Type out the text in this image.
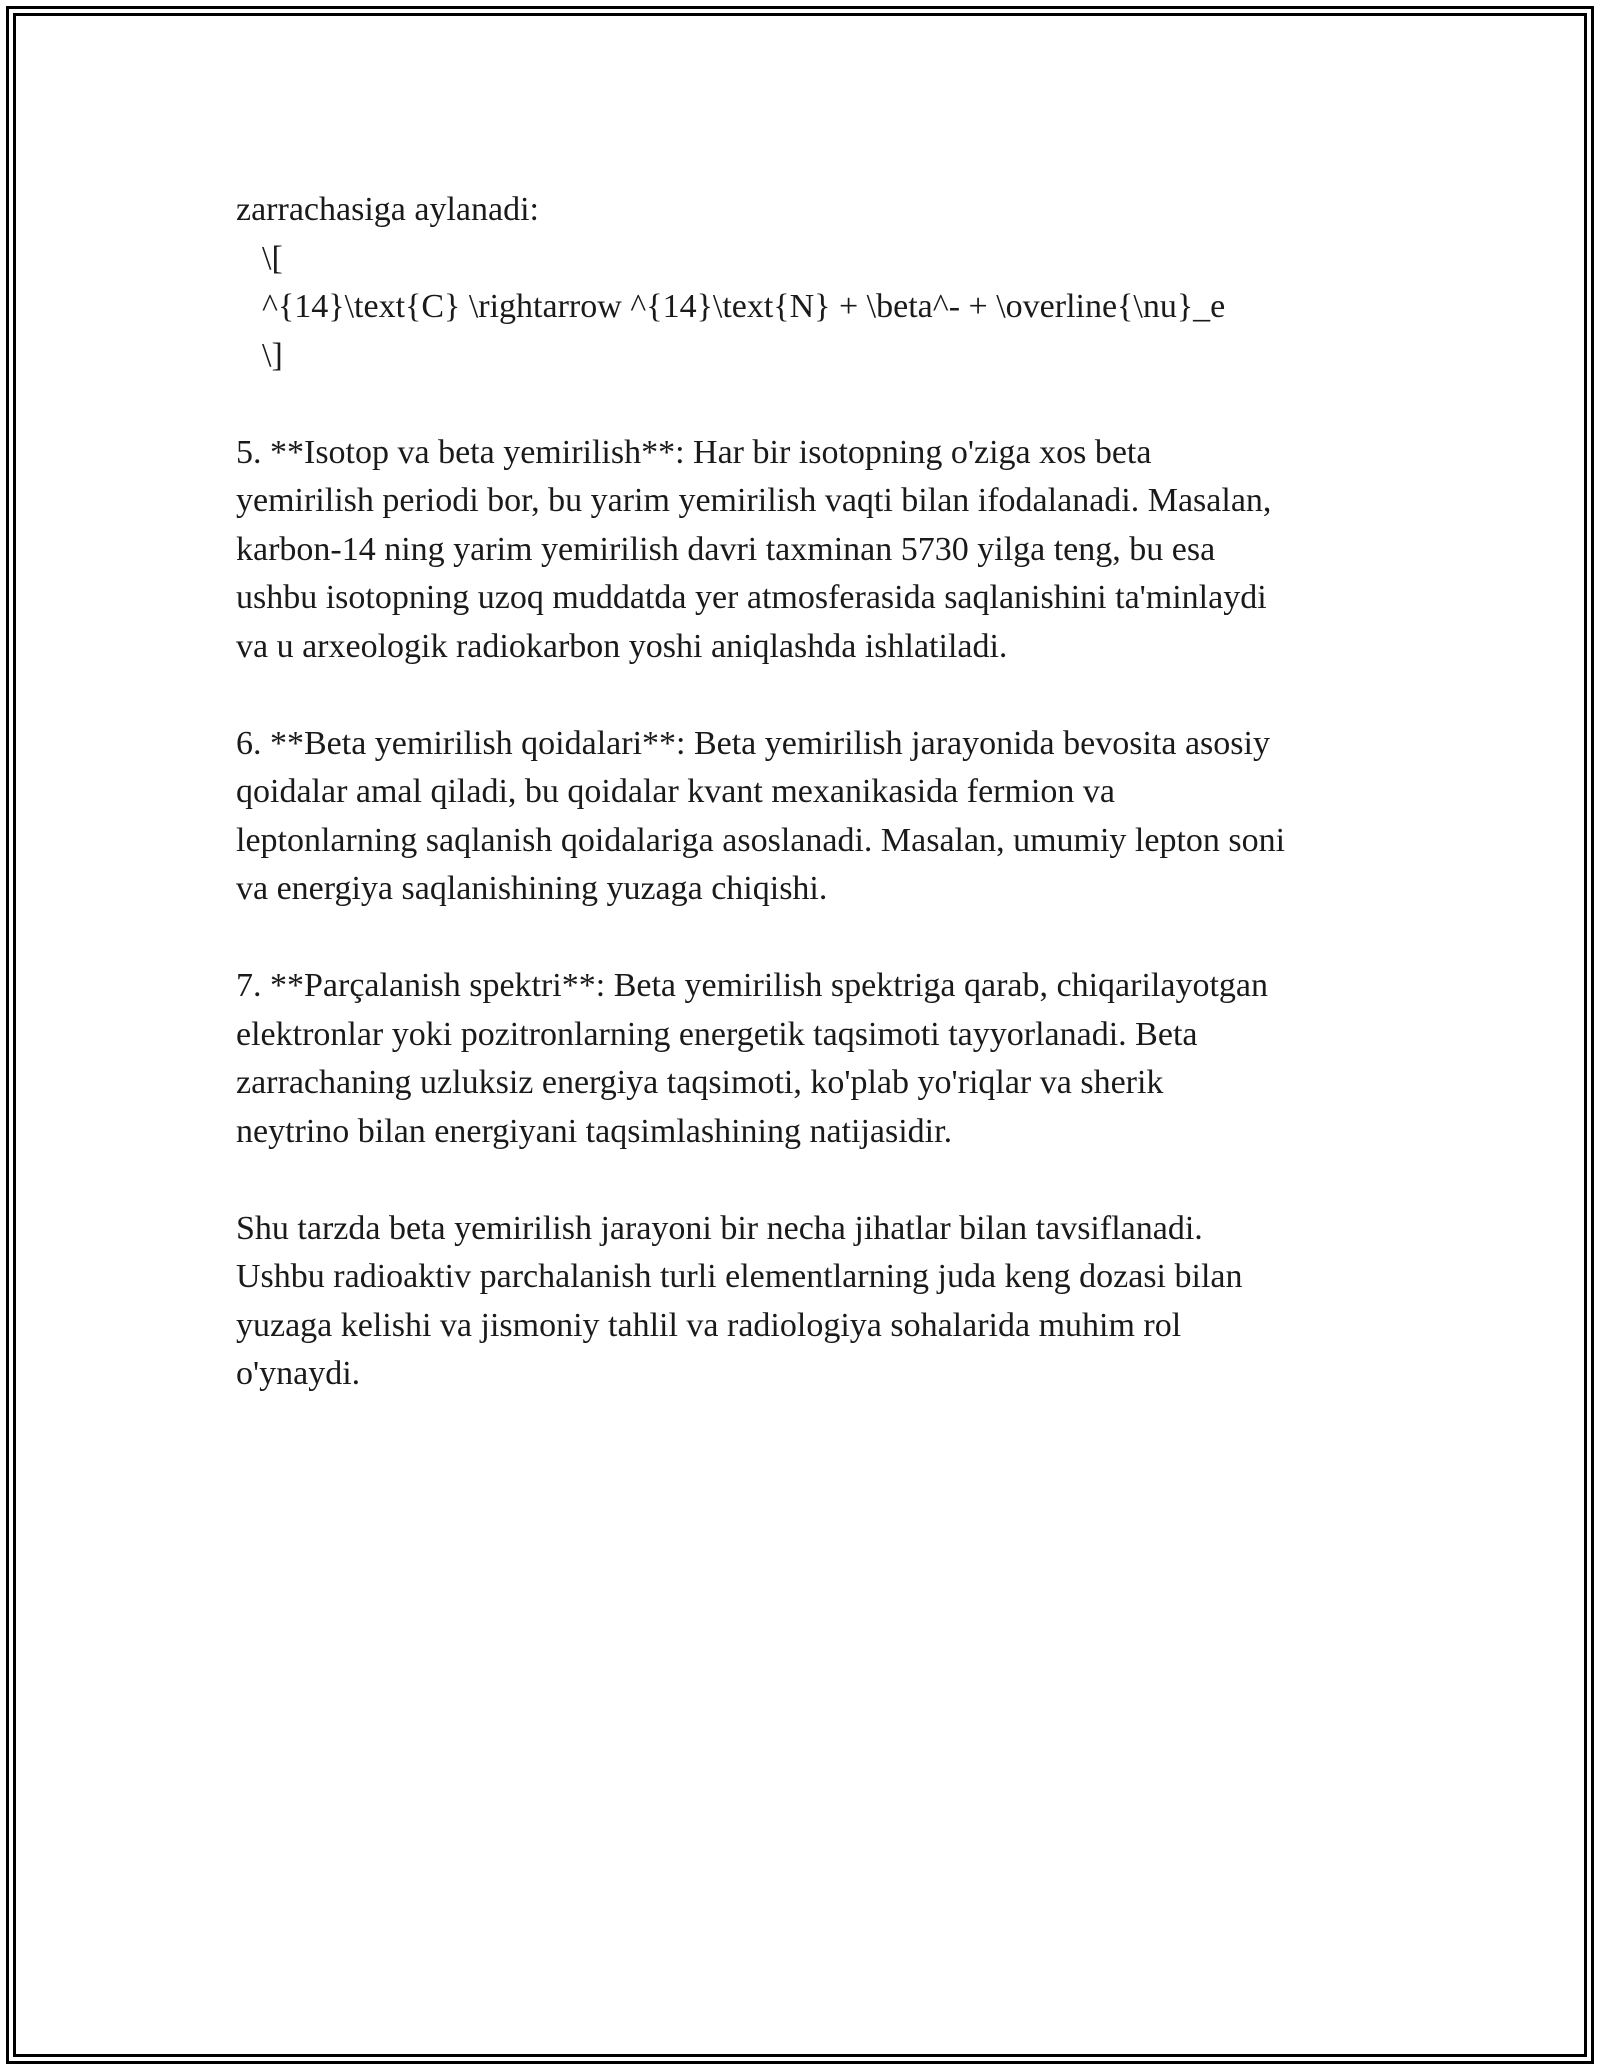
zarrachasiga aylanadi:
\[
^{14}\text{C} \rightarrow ^{14}\text{N} + \beta^- + \overline{\nu}_e
\]
5. **Isotop va beta yemirilish**: Har bir isotopning o'ziga xos beta
yemirilish periodi bor, bu yarim yemirilish vaqti bilan ifodalanadi. Masalan,
karbon-14 ning yarim yemirilish davri taxminan 5730 yilga teng, bu esa
ushbu isotopning uzoq muddatda yer atmosferasida saqlanishini ta'minlaydi
va u arxeologik radiokarbon yoshi aniqlashda ishlatiladi.
6. **Beta yemirilish qoidalari**: Beta yemirilish jarayonida bevosita asosiy
qoidalar amal qiladi, bu qoidalar kvant mexanikasida fermion va
leptonlarning saqlanish qoidalariga asoslanadi. Masalan, umumiy lepton soni
va energiya saqlanishining yuzaga chiqishi.
7. **Parçalanish spektri**: Beta yemirilish spektriga qarab, chiqarilayotgan
elektronlar yoki pozitronlarning energetik taqsimoti tayyorlanadi. Beta
zarrachaning uzluksiz energiya taqsimoti, ko'plab yo'riqlar va sherik
neytrino bilan energiyani taqsimlashining natijasidir.
Shu tarzda beta yemirilish jarayoni bir necha jihatlar bilan tavsiflanadi.
Ushbu radioaktiv parchalanish turli elementlarning juda keng dozasi bilan
yuzaga kelishi va jismoniy tahlil va radiologiya sohalarida muhim rol
o'ynaydi.
